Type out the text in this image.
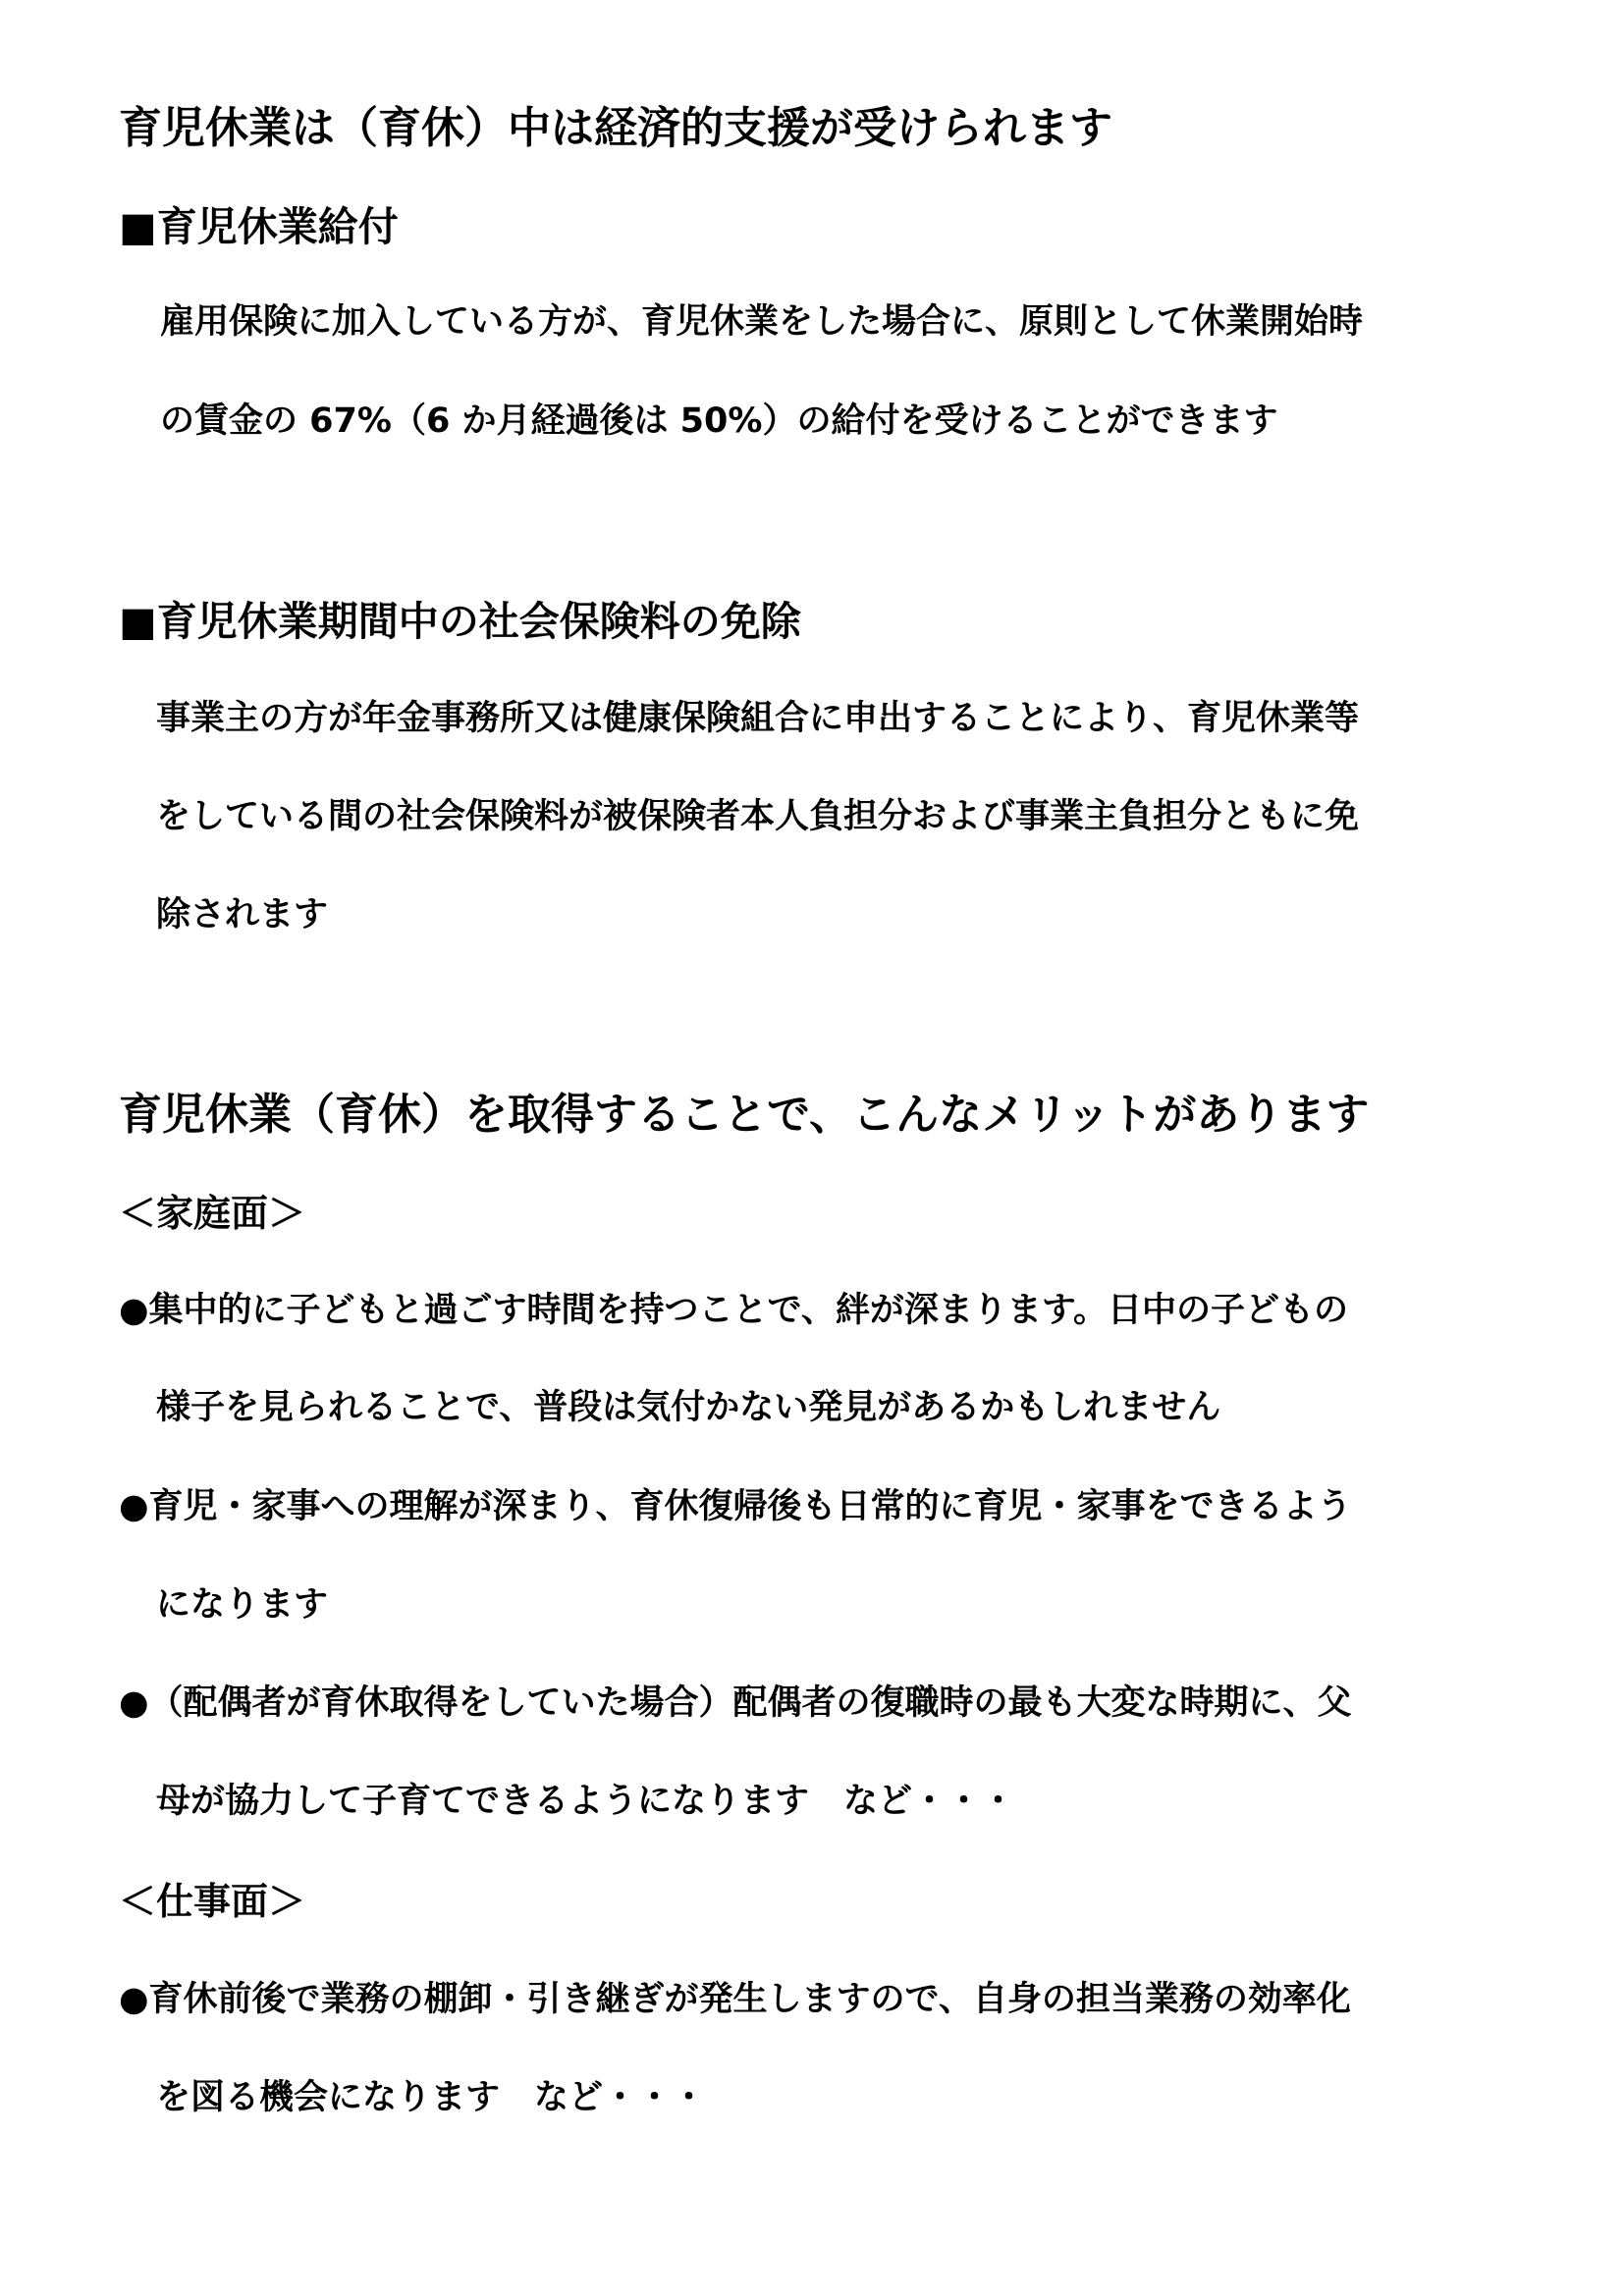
育児休業は（育休）中は経済的支援が受けられます

■育児休業給付

雇用保険に加入している方が、育児休業をした場合に、原則として休業開始時

の賃金の 67%（6 か月経過後は 50%）の給付を受けることができます

■育児休業期間中の社会保険料の免除

事業主の方が年金事務所又は健康保険組合に申出することにより、育児休業等

をしている間の社会保険料が被保険者本人負担分および事業主負担分ともに免

除されます

育児休業（育休）を取得することで、こんなメリットがあります

＜家庭面＞

●集中的に子どもと過ごす時間を持つことで、絆が深まります。日中の子どもの

様子を見られることで、普段は気付かない発見があるかもしれません

●育児・家事への理解が深まり、育休復帰後も日常的に育児・家事をできるよう

になります

●（配偶者が育休取得をしていた場合）配偶者の復職時の最も大変な時期に、父

母が協力して子育てできるようになります　など・・・

＜仕事面＞

●育休前後で業務の棚卸・引き継ぎが発生しますので、自身の担当業務の効率化

を図る機会になります　など・・・
